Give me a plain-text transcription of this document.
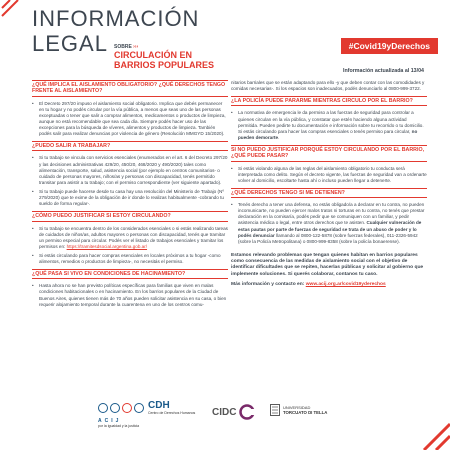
INFORMACIÓN
LEGAL SOBRE ›››
CIRCULACIÓN EN
BARRIOS POPULARES
#Covid19yDerechos
Información actualizada al 13/04
¿QUÉ IMPLICA EL AISLAMIENTO OBLIGATORIO? ¿QUÉ DERECHOS TENGO FRENTE AL AISLAMIENTO?
•	El Decreto 297/20 impuso el aislamiento social obligatorio. Implica que debés permanecer en tu hogar y no podés circular por la vía pública, a menos que seas uno de las personas exceptuadas o tener que salir a comprar alimentos, medicamentos o productos de limpieza, aunque no está recomendable que sea cada día. Siempre podés hacer uso de las excepciones para la búsqueda de víveres, alimentos y productos de limpieza. También podés salir para realizar denuncias por violencia de género (Resolución MMGYD 15/2020).
¿PUEDO SALIR A TRABAJAR?
•	Si tu trabajo se vincula con servicios esenciales (enumerados en el art. 6 del Decreto 297/20 y las decisiones administrativas 429/20, 450/20, 468/2020 y 490/2020) tales como alimentación, transporte, salud, asistencia social (por ejemplo en centros comunitarios- o cuidado de personas mayores, niños/as y personas con discapacidad, tenés permitido transitar para asistir a tu trabajo; con el permiso correspondiente (ver siguiente apartado).
•	Si tu trabajo puede hacerse desde tu casa hay una resolución del Ministerio de Trabajo (Nº 279/2020) que te exime de la obligación de ir donde lo realizas habitualmente -cobrando tu sueldo de forma regular-.
¿CÓMO PUEDO JUSTIFICAR SI ESTOY CIRCULANDO?
•	Si tu trabajo se encuentra dentro de los considerados esenciales o si estás realizando tareas de cuidados de niños/as, adultos mayores o personas con discapacidad, tenés que tramitar un permiso especial para circular. Podés ver el listado de trabajos esenciales y tramitar los permisos en: https://tramitesdsocial.argentina.gob.ar/
•	Si estás circulando para hacer compras esenciales en locales próximos a tu hogar -como alimentos, remedios o productos de limpieza-, no necesitás el permiso.
¿QUÉ PASA SI VIVO EN CONDICIONES DE HACINAMIENTO?
•	Hasta ahora no se han previsto políticas específicas para familias que viven en malas condiciones habitacionales o en hacinamiento. En los barrios populares de la Ciudad de Buenos Aires, quienes tienen más de 70 años pueden solicitar asistencia en su casa, o bien requerir alojamiento temporal durante la cuarentena en uno de los centros comu-
nitarios barriales que se están adaptando para ello -y que deben contar con las comodidades y comidas necesarias-. Si los espacios son inadecuados, podés denunciarlo al 0800-999-3722.
¿LA POLICÍA PUEDE PARARME MIENTRAS CIRCULO POR EL BARRIO?
•	La normativa de emergencia le da permiso a las fuerzas de seguridad para controlar a quienes circulan en la vía pública, y constatar que estén haciendo alguna actividad permitida. Pueden pedirte tu documentación e información sobre tu recorrido o tu domicilio. Si estás circulando para hacer las compras esenciales o tenés permiso para circular, no pueden demorarte.
SI NO PUEDO JUSTIFICAR PORQUÉ ESTOY CIRCULANDO POR EL BARRIO, ¿QUÉ PUEDE PASAR?
•	Si estás violando alguna de las reglas del aislamiento obligatorio tu conducta será interpretada como delito. Según el decreto vigente, las fuerzas de seguridad van a ordenarte volver al domicilio, escoltarte hasta ahí o incluso pueden llegar a detenerte.
¿QUÉ DERECHOS TENGO SI ME DETIENEN?
•	Tenés derecho a tener una defensa, no estás obligado/a a declarar en tu contra, no pueden incomunicarte, no pueden ejercer malos tratos ni torturas en tu contra, no tenés que prestar declaración en la comisaría, podés pedir que se comuniquen con un familiar, y pedir asistencia médica o legal, entre otros derechos que te asisten. Cualquier vulneración de estas pautas por parte de fuerzas de seguridad se trata de un abuso de poder y lo podés denunciar llamando al 0800-122-5878 (sobre fuerzas federales), 011-2326-5942 (sobre la Policía Metropolitana) o 0800-999-8358 (sobre la policía bonaerense).
Estamos relevando problemas que tengan quienes habitan en barrios populares como consecuencia de las medidas de aislamiento social con el objetivo de identificar dificultades que se repiten, hacerlas públicas y solicitar al gobierno que implemente soluciones. Si querés colaborar, contanos tu caso.
Más información y contacto en: www.acij.org.ar/covid19yderechos
ACIJ
por la igualdad y la justicia
CDH
Centro de Derechos Humanos CIDC	UNIVERSIDAD
TORCUATO DI TELLA
